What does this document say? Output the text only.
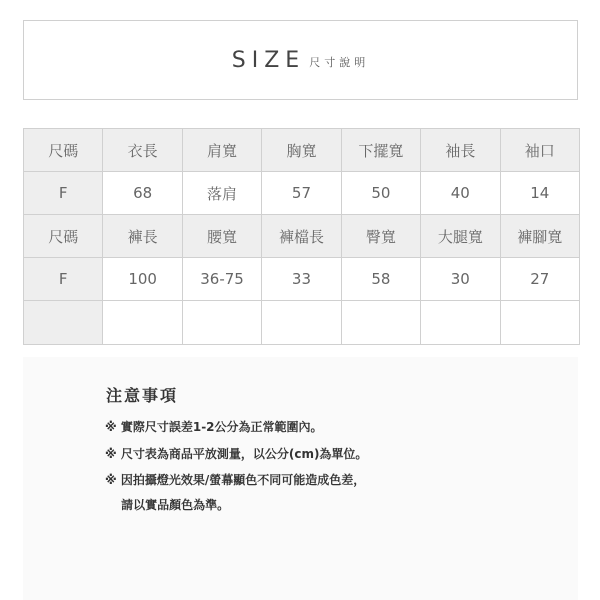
SIZE 尺寸說明
尺碼	衣長	肩寬	胸寬	下擺寬	袖長	袖口
F	68	落肩	57	50	40	14
尺碼	褲長	腰寬	褲檔長	臀寬	大腿寬	褲腳寬
F	100	36-75	33	58	30	27

注意事項
※ 實際尺寸誤差1-2公分為正常範圍內。
※ 尺寸表為商品平放測量，以公分(cm)為單位。
※ 因拍攝燈光效果/螢幕顯色不同可能造成色差，
　 請以實品顏色為準。
